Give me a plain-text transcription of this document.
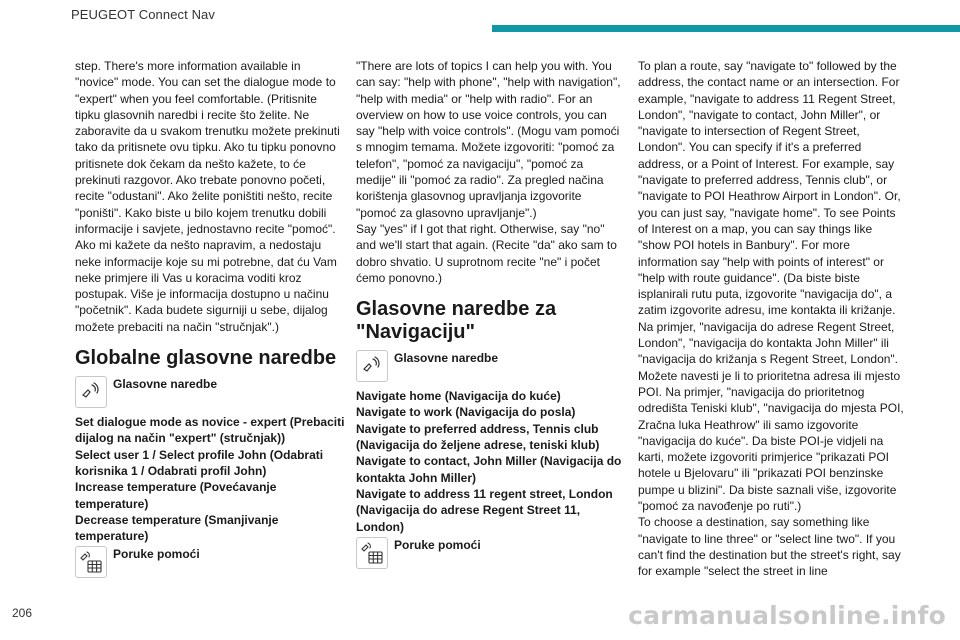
PEUGEOT Connect Nav

step. There's more information available in "novice" mode. You can set the dialogue mode to "expert" when you feel comfortable. (Pritisnite tipku glasovnih naredbi i recite što želite. Ne zaboravite da u svakom trenutku možete prekinuti tako da pritisnete ovu tipku. Ako tu tipku ponovno pritisnete dok čekam da nešto kažete, to će prekinuti razgovor. Ako trebate ponovno početi, recite "odustani". Ako želite poništiti nešto, recite "poništi". Kako biste u bilo kojem trenutku dobili informacije i savjete, jednostavno recite "pomoć". Ako mi kažete da nešto napravim, a nedostaju neke informacije koje su mi potrebne, dat ću Vam neke primjere ili Vas u koracima voditi kroz postupak. Više je informacija dostupno u načinu "početnik". Kada budete sigurniji u sebe, dijalog možete prebaciti na način "stručnjak".)

Globalne glasovne naredbe
Glasovne naredbe

Set dialogue mode as novice - expert (Prebaciti dijalog na način "expert" (stručnjak))
Select user 1 / Select profile John (Odabrati korisnika 1 / Odabrati profil John)
Increase temperature (Povećavanje temperature)
Decrease temperature (Smanjivanje temperature)

Poruke pomoći

"There are lots of topics I can help you with. You can say: "help with phone", "help with navigation", "help with media" or "help with radio". For an overview on how to use voice controls, you can say "help with voice controls". (Mogu vam pomoći s mnogim temama. Možete izgovoriti: "pomoć za telefon", "pomoć za navigaciju", "pomoć za medije" ili "pomoć za radio". Za pregled načina korištenja glasovnog upravljanja izgovorite "pomoć za glasovno upravljanje".)
Say "yes" if I got that right. Otherwise, say "no" and we'll start that again. (Recite "da" ako sam to dobro shvatio. U suprotnom recite "ne" i počet ćemo ponovno.)

Glasovne naredbe za
"Navigaciju"
Glasovne naredbe

Navigate home (Navigacija do kuće)
Navigate to work (Navigacija do posla)
Navigate to preferred address, Tennis club (Navigacija do željene adrese, teniski klub)
Navigate to contact, John Miller (Navigacija do kontakta John Miller)
Navigate to address 11 regent street, London (Navigacija do adrese Regent Street 11, London)

Poruke pomoći

To plan a route, say "navigate to" followed by the address, the contact name or an intersection. For example, "navigate to address 11 Regent Street, London", "navigate to contact, John Miller", or "navigate to intersection of Regent Street, London". You can specify if it's a preferred address, or a Point of Interest. For example, say "navigate to preferred address, Tennis club", or "navigate to POI Heathrow Airport in London". Or, you can just say, "navigate home". To see Points of Interest on a map, you can say things like "show POI hotels in Banbury". For more information say "help with points of interest" or "help with route guidance". (Da biste biste isplanirali rutu puta, izgovorite "navigacija do", a zatim izgovorite adresu, ime kontakta ili križanje. Na primjer, "navigacija do adrese Regent Street, London", "navigacija do kontakta John Miller" ili "navigacija do križanja s Regent Street, London". Možete navesti je li to prioritetna adresa ili mjesto POI. Na primjer, "navigacija do prioritetnog odredišta Teniski klub", "navigacija do mjesta POI, Zračna luka Heathrow" ili samo izgovorite "navigacija do kuće". Da biste POI-je vidjeli na karti, možete izgovoriti primjerice "prikazati POI hotele u Bjelovaru" ili "prikazati POI benzinske pumpe u blizini". Da biste saznali više, izgovorite "pomoć za navođenje po ruti".)
To choose a destination, say something like "navigate to line three" or "select line two". If you can't find the destination but the street's right, say for example "select the street in line

206	carmanualsonline.info
